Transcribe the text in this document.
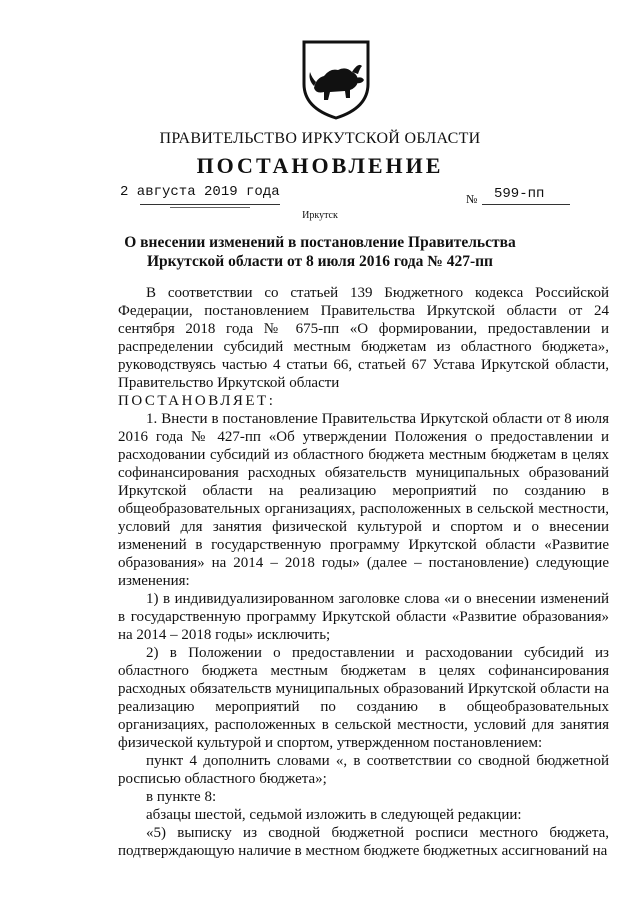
ПРАВИТЕЛЬСТВО ИРКУТСКОЙ ОБЛАСТИ
ПОСТАНОВЛЕНИЕ
2 августа 2019 года	№ 599-пп
Иркутск
О внесении изменений в постановление Правительства Иркутской области от 8 июля 2016 года № 427-пп

В соответствии со статьей 139 Бюджетного кодекса Российской Федерации, постановлением Правительства Иркутской области от 24 сентября 2018 года № 675-пп «О формировании, предоставлении и распределении субсидий местным бюджетам из областного бюджета», руководствуясь частью 4 статьи 66, статьей 67 Устава Иркутской области, Правительство Иркутской области

ПОСТАНОВЛЯЕТ:

1. Внести в постановление Правительства Иркутской области от 8 июля 2016 года № 427-пп «Об утверждении Положения о предоставлении и расходовании субсидий из областного бюджета местным бюджетам в целях софинансирования расходных обязательств муниципальных образований Иркутской области на реализацию мероприятий по созданию в общеобразовательных организациях, расположенных в сельской местности, условий для занятия физической культурой и спортом и о внесении изменений в государственную программу Иркутской области «Развитие образования» на 2014 – 2018 годы» (далее – постановление) следующие изменения:

1) в индивидуализированном заголовке слова «и о внесении изменений в государственную программу Иркутской области «Развитие образования» на 2014 – 2018 годы» исключить;

2) в Положении о предоставлении и расходовании субсидий из областного бюджета местным бюджетам в целях софинансирования расходных обязательств муниципальных образований Иркутской области на реализацию мероприятий по созданию в общеобразовательных организациях, расположенных в сельской местности, условий для занятия физической культурой и спортом, утвержденном постановлением:

пункт 4 дополнить словами «, в соответствии со сводной бюджетной росписью областного бюджета»;

в пункте 8:

абзацы шестой, седьмой изложить в следующей редакции:

«5) выписку из сводной бюджетной росписи местного бюджета, подтверждающую наличие в местном бюджете бюджетных ассигнований на
